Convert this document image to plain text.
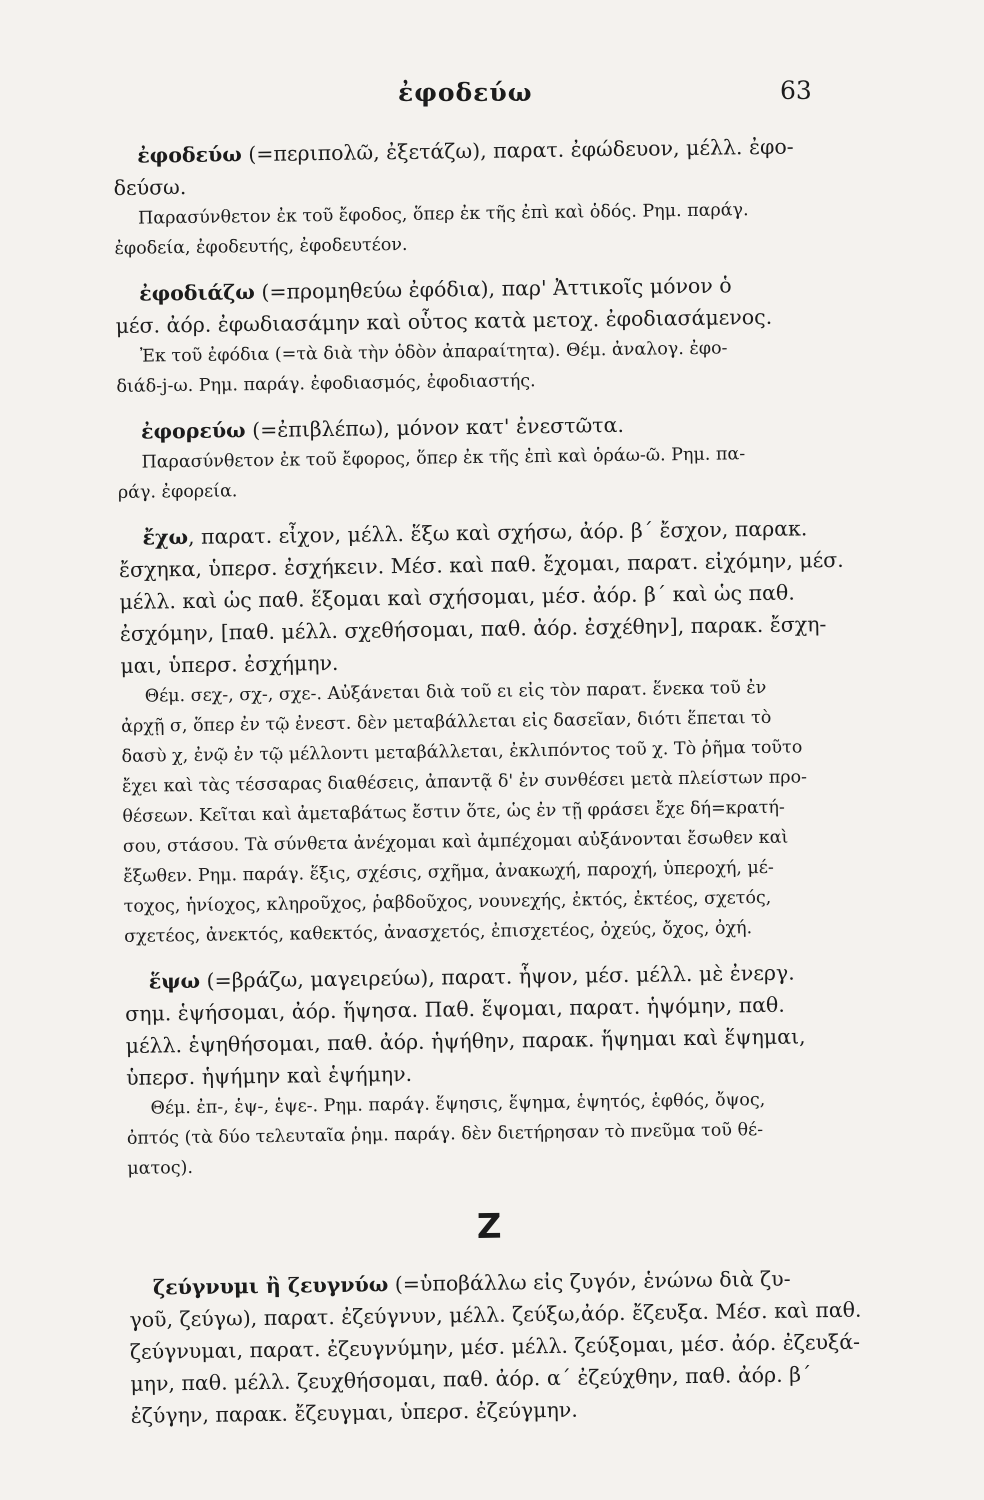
ἐφοδεύω	63
ἐφοδεύω (=περιπολῶ, ἐξετάζω), παρατ. ἐφώδευον, μέλλ. ἐφο-
δεύσω.
Παρασύνθετον ἐκ τοῦ ἔφοδος, ὅπερ ἐκ τῆς ἐπὶ καὶ ὁδός. Ρημ. παράγ.
ἐφοδεία, ἐφοδευτής, ἐφοδευτέον.
ἐφοδιάζω (=προμηθεύω ἐφόδια), παρ' Ἀττικοῖς μόνον ὁ
μέσ. ἀόρ. ἐφωδιασάμην καὶ οὗτος κατὰ μετοχ. ἐφοδιασάμενος.
Ἐκ τοῦ ἐφόδια (=τὰ διὰ τὴν ὁδὸν ἀπαραίτητα). Θέμ. ἀναλογ. ἐφο-
διάδ-j-ω. Ρημ. παράγ. ἐφοδιασμός, ἐφοδιαστής.
ἐφορεύω (=ἐπιβλέπω), μόνον κατ' ἐνεστῶτα.
Παρασύνθετον ἐκ τοῦ ἔφορος, ὅπερ ἐκ τῆς ἐπὶ καὶ ὁράω-ῶ. Ρημ. πα-
ράγ. ἐφορεία.
ἔχω, παρατ. εἶχον, μέλλ. ἕξω καὶ σχήσω, ἀόρ. β΄ ἔσχον, παρακ.
ἔσχηκα, ὑπερσ. ἐσχήκειν. Μέσ. καὶ παθ. ἔχομαι, παρατ. εἰχόμην, μέσ.
μέλλ. καὶ ὡς παθ. ἕξομαι καὶ σχήσομαι, μέσ. ἀόρ. β΄ καὶ ὡς παθ.
ἐσχόμην, [παθ. μέλλ. σχεθήσομαι, παθ. ἀόρ. ἐσχέθην], παρακ. ἔσχη-
μαι, ὑπερσ. ἐσχήμην.
Θέμ. σεχ-, σχ-, σχε-. Αὐξάνεται διὰ τοῦ ει εἰς τὸν παρατ. ἕνεκα τοῦ ἐν
ἀρχῇ σ, ὅπερ ἐν τῷ ἐνεστ. δὲν μεταβάλλεται εἰς δασεῖαν, διότι ἕπεται τὸ
δασὺ χ, ἐνῷ ἐν τῷ μέλλοντι μεταβάλλεται, ἐκλιπόντος τοῦ χ. Τὸ ῥῆμα τοῦτο
ἔχει καὶ τὰς τέσσαρας διαθέσεις, ἀπαντᾷ δ' ἐν συνθέσει μετὰ πλείστων προ-
θέσεων. Κεῖται καὶ ἀμεταβάτως ἔστιν ὅτε, ὡς ἐν τῇ φράσει ἔχε δή=κρατή-
σου, στάσου. Τὰ σύνθετα ἀνέχομαι καὶ ἀμπέχομαι αὐξάνονται ἔσωθεν καὶ
ἔξωθεν. Ρημ. παράγ. ἕξις, σχέσις, σχῆμα, ἀνακωχή, παροχή, ὑπεροχή, μέ-
τοχος, ἡνίοχος, κληροῦχος, ῥαβδοῦχος, νουνεχής, ἐκτός, ἐκτέος, σχετός,
σχετέος, ἀνεκτός, καθεκτός, ἀνασχετός, ἐπισχετέος, ὀχεύς, ὄχος, ὀχή.
ἕψω (=βράζω, μαγειρεύω), παρατ. ἧψον, μέσ. μέλλ. μὲ ἐνεργ.
σημ. ἑψήσομαι, ἀόρ. ἥψησα. Παθ. ἕψομαι, παρατ. ἡψόμην, παθ.
μέλλ. ἑψηθήσομαι, παθ. ἀόρ. ἡψήθην, παρακ. ἥψημαι καὶ ἕψημαι,
ὑπερσ. ἡψήμην καὶ ἑψήμην.
Θέμ. ἐπ-, ἑψ-, ἑψε-. Ρημ. παράγ. ἕψησις, ἕψημα, ἑψητός, ἑφθός, ὄψος,
ὀπτός (τὰ δύο τελευταῖα ῥημ. παράγ. δὲν διετήρησαν τὸ πνεῦμα τοῦ θέ-
ματος).
Z
ζεύγνυμι ἢ ζευγνύω (=ὑποβάλλω εἰς ζυγόν, ἑνώνω διὰ ζυ-
γοῦ, ζεύγω), παρατ. ἐζεύγνυν, μέλλ. ζεύξω,ἀόρ. ἔζευξα. Μέσ. καὶ παθ.
ζεύγνυμαι, παρατ. ἐζευγνύμην, μέσ. μέλλ. ζεύξομαι, μέσ. ἀόρ. ἐζευξά-
μην, παθ. μέλλ. ζευχθήσομαι, παθ. ἀόρ. α΄ ἐζεύχθην, παθ. ἀόρ. β΄
ἐζύγην, παρακ. ἔζευγμαι, ὑπερσ. ἐζεύγμην.
